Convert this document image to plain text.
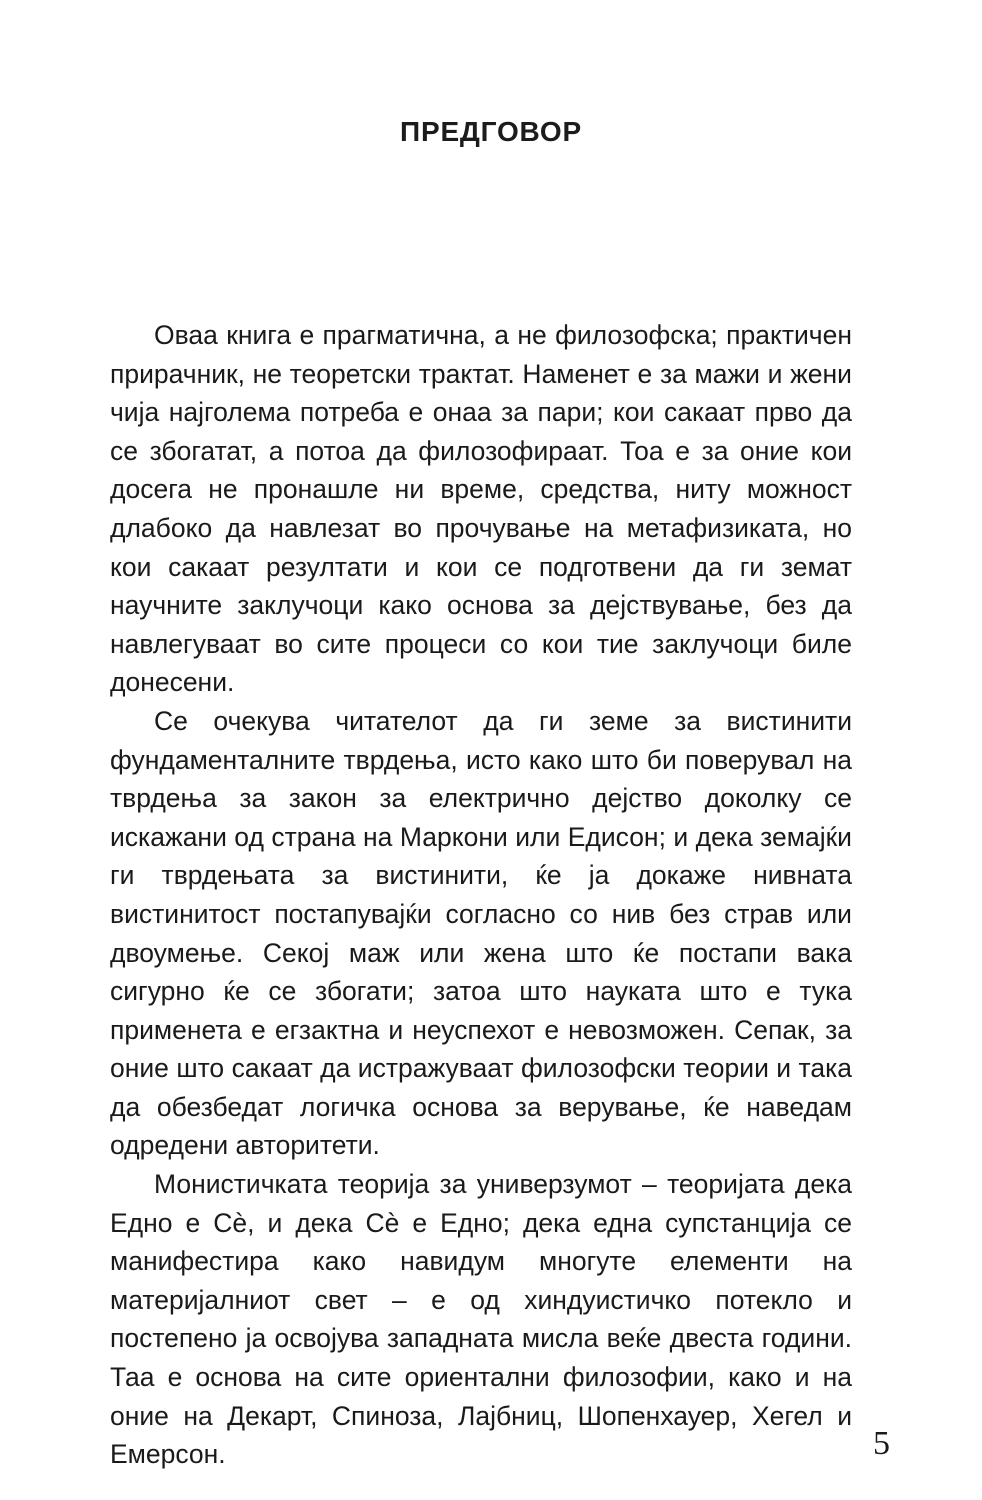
ПРЕДГОВОР

Оваа книга е прагматична, а не филозофска; практичен прирачник, не теоретски трактат. Наменет е за мажи и жени чија најголема потреба е онаа за пари; кои сакаат прво да се збогатат, а потоа да филозофираат. Тоа е за оние кои досега не пронашле ни време, средства, ниту можност длабоко да навлезат во прочување на метафизиката, но кои сакаат резултати и кои се подготвени да ги земат научните заклучоци како основа за дејствување, без да навлегуваат во сите процеси со кои тие заклучоци биле донесени.

Се очекува читателот да ги земе за вистинити фундаменталните тврдења, исто како што би поверувал на тврдења за закон за електрично дејство доколку се искажани од страна на Маркони или Едисон; и дека земајќи ги тврдењата за вистинити, ќе ја докаже нивната вистинитост постапувајќи согласно со нив без страв или двоумење. Секој маж или жена што ќе постапи вака сигурно ќе се збогати; затоа што науката што е тука применета е егзактна и неуспехот е невозможен. Сепак, за оние што сакаат да истражуваат филозофски теории и така да обезбедат логичка основа за верување, ќе наведам одредени авторитети.

Монистичката теорија за универзумот – теоријата дека Едно е Сѐ, и дека Сѐ е Едно; дека една супстанција се манифестира како навидум многуте елементи на материјалниот свет – е од хиндуистичко потекло и постепено ја освојува западната мисла веќе двеста години. Таа е основа на сите ориентални филозофии, како и на оние на Декарт, Спиноза, Лајбниц, Шопенхауер, Хегел и Емерсон.	5
